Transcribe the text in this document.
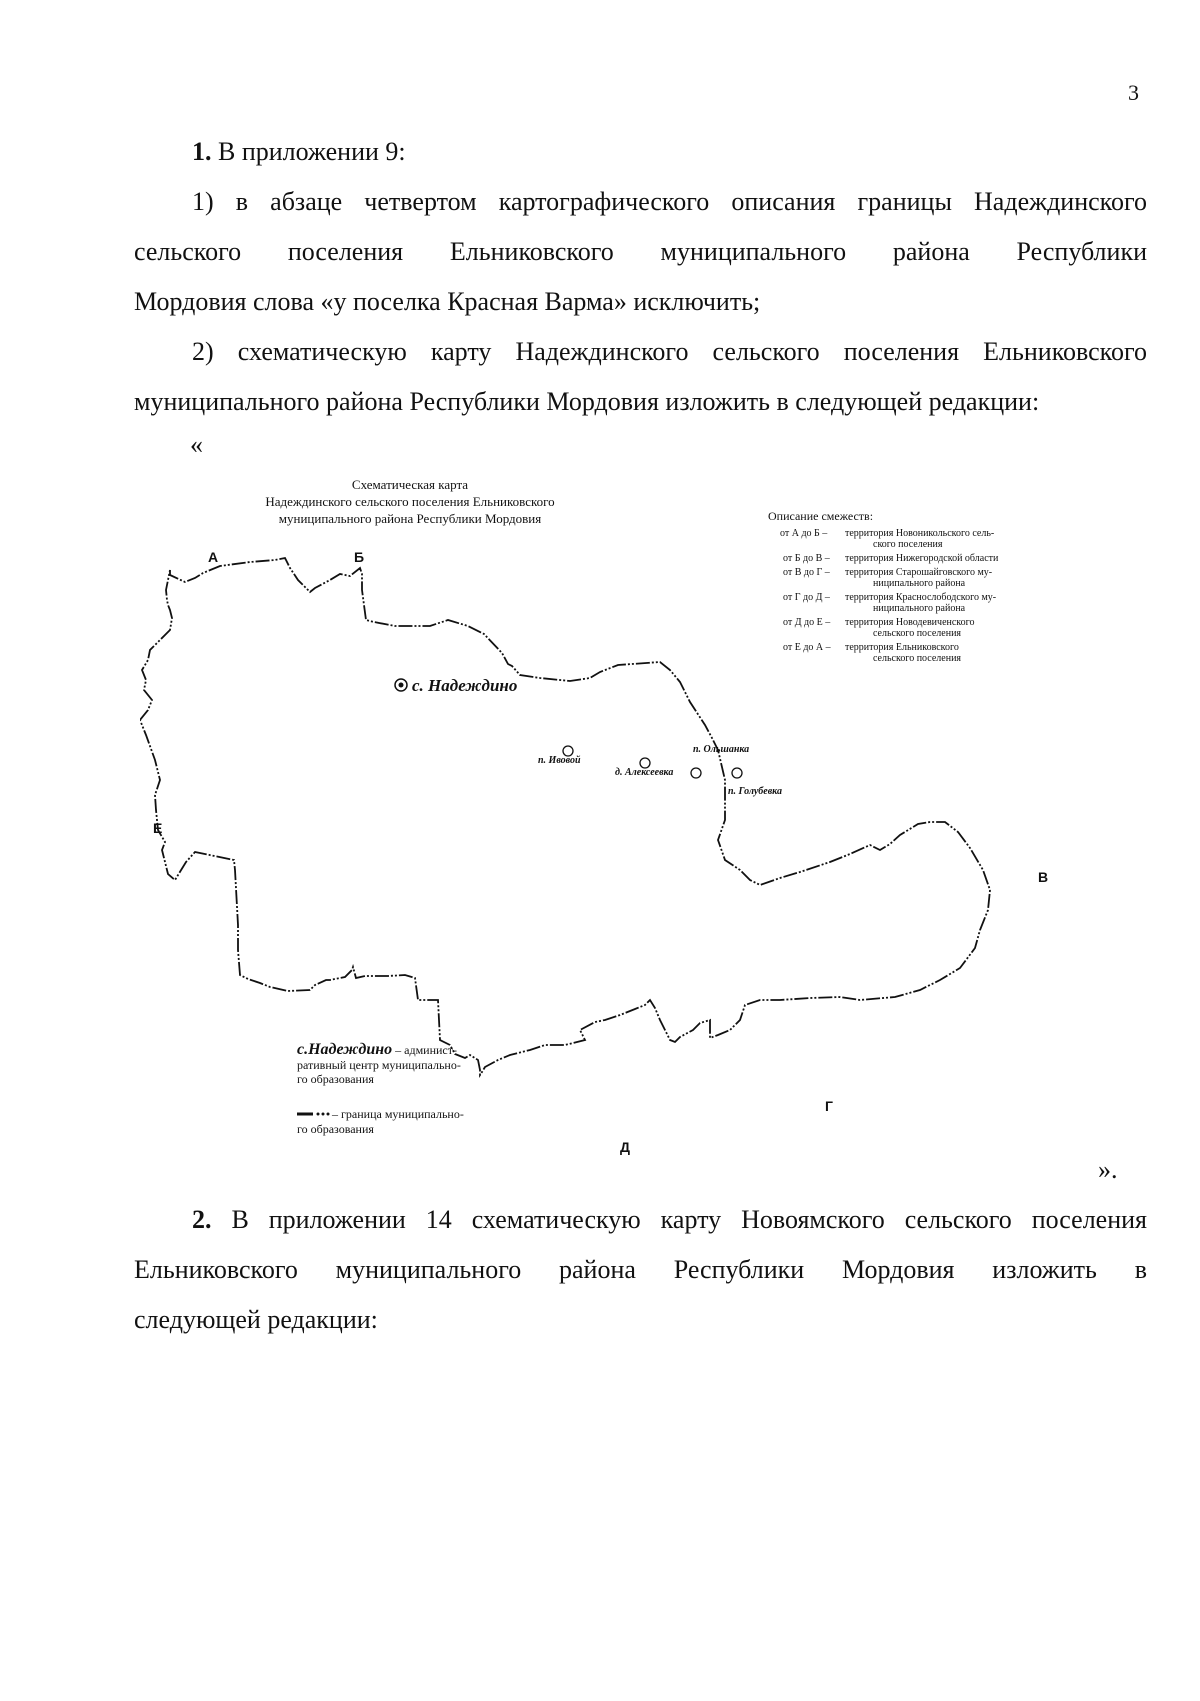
3
1. В приложении 9:
1) в абзаце четвертом картографического описания границы Надеждинского
сельского поселения Ельниковского муниципального района Республики
Мордовия слова «у поселка Красная Варма» исключить;
2) схематическую карту Надеждинского сельского поселения Ельниковского
муниципального района Республики Мордовия изложить в следующей редакции:
«
Схематическая карта
Надеждинского сельского поселения Ельниковского
муниципального района Республики Мордовия
А	Б
В
Г
Д
Е
с. Надеждино
п. Ивовой
д. Алексеевка
п. Ольшанка
п. Голубевка
Описание смежеств:
от А до Б – территория Новоникольского сель-
ского поселения
от Б до В – территория Нижегородской области
от В до Г – территория Старошайговского му-
ниципального района
от Г до Д – территория Краснослободского му-
ниципального района
от Д до Е – территория Новодевиченского
сельского поселения
от Е до А – территория Ельниковского
сельского поселения
с.Надеждино – админист-
ративный центр муниципально-
го образования
– граница муниципально-
го образования
».
2. В приложении 14 схематическую карту Новоямского сельского поселения
Ельниковского муниципального района Республики Мордовия изложить в
следующей редакции:
